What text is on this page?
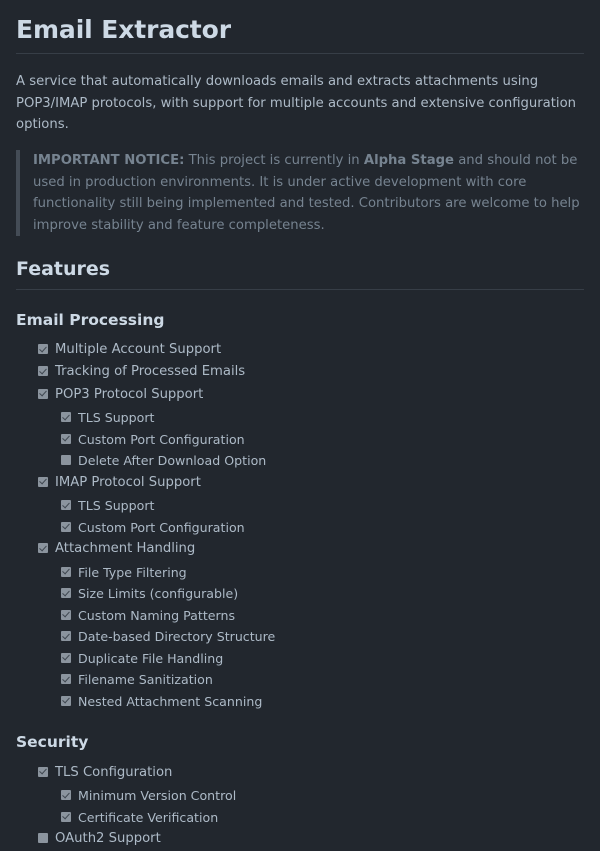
Email Extractor

A service that automatically downloads emails and extracts attachments using POP3/IMAP protocols, with support for multiple accounts and extensive configuration options.

IMPORTANT NOTICE: This project is currently in Alpha Stage and should not be used in production environments. It is under active development with core functionality still being implemented and tested. Contributors are welcome to help improve stability and feature completeness.
Features
Email Processing
Multiple Account Support
Tracking of Processed Emails
POP3 Protocol Support
TLS Support
Custom Port Configuration
Delete After Download Option
IMAP Protocol Support
TLS Support
Custom Port Configuration
Attachment Handling
File Type Filtering
Size Limits (configurable)
Custom Naming Patterns
Date-based Directory Structure
Duplicate File Handling
Filename Sanitization
Nested Attachment Scanning
Security
TLS Configuration
Minimum Version Control
Certificate Verification
OAuth2 Support
